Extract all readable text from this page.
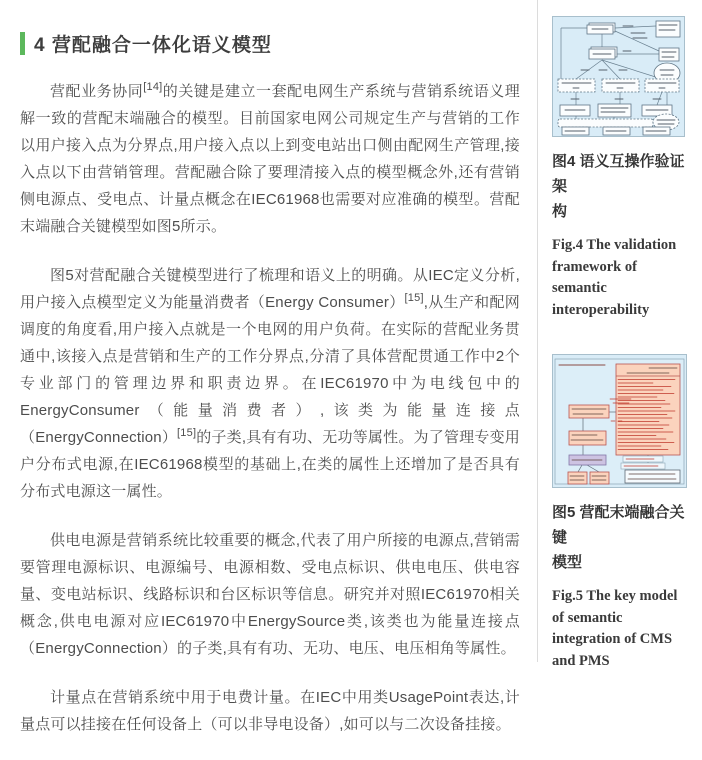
4 营配融合一体化语义模型

营配业务协同[14]的关键是建立一套配电网生产系统与营销系统语义理解一致的营配末端融合的模型。目前国家电网公司规定生产与营销的工作以用户接入点为分界点,用户接入点以上到变电站出口侧由配网生产管理,接入点以下由营销管理。营配融合除了要理清接入点的模型概念外,还有营销侧电源点、受电点、计量点概念在IEC61968也需要对应准确的模型。营配末端融合关键模型如图5所示。

图5对营配融合关键模型进行了梳理和语义上的明确。从IEC定义分析,用户接入点模型定义为能量消费者（Energy Consumer）[15],从生产和配网调度的角度看,用户接入点就是一个电网的用户负荷。在实际的营配业务贯通中,该接入点是营销和生产的工作分界点,分清了具体营配贯通工作中2个专业部门的管理边界和职责边界。在IEC61970中为电线包中的EnergyConsumer（能量消费者）,该类为能量连接点（EnergyConnection）[15]的子类,具有有功、无功等属性。为了管理专变用户分布式电源,在IEC61968模型的基础上,在类的属性上还增加了是否具有分布式电源这一属性。

供电电源是营销系统比较重要的概念,代表了用户所接的电源点,营销需要管理电源标识、电源编号、电源相数、受电点标识、供电电压、供电容量、变电站标识、线路标识和台区标识等信息。研究并对照IEC61970相关概念,供电电源对应IEC61970中EnergySource类,该类也为能量连接点（EnergyConnection）的子类,具有有功、无功、电压、电压相角等属性。

计量点在营销系统中用于电费计量。在IEC中用类UsagePoint表达,计量点可以挂接在任何设备上（可以非导电设备）,如可以与二次设备挂接。

图4 语义互操作验证架
构
Fig.4 The validation
framework of
semantic
interoperability
图5 营配末端融合关键
模型
Fig.5 The key model
of semantic
integration of CMS
and PMS
